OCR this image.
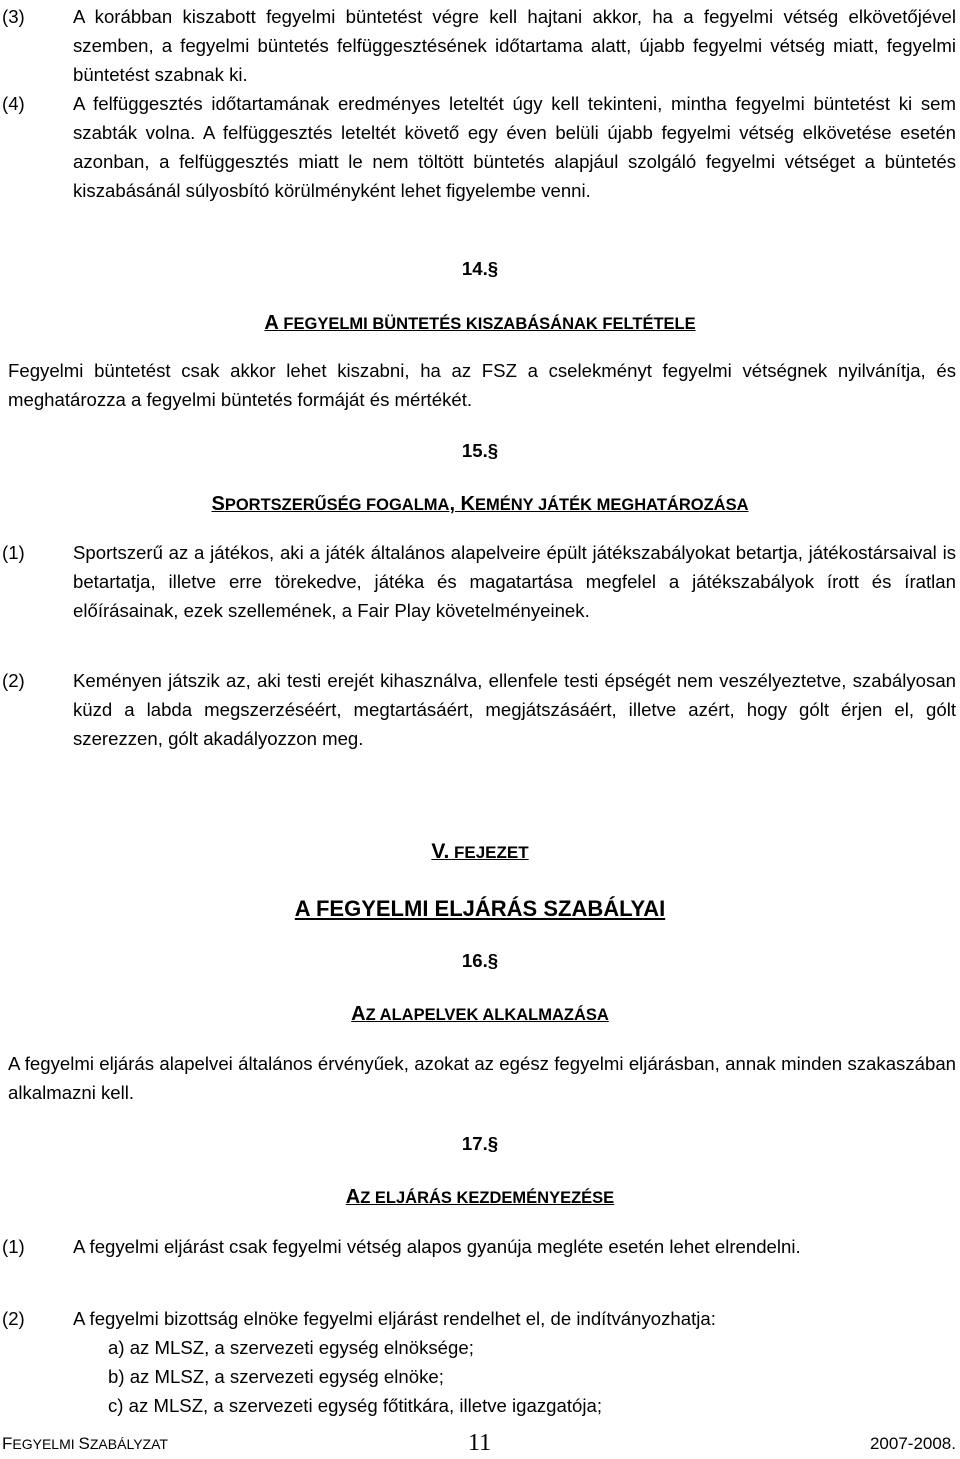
(3)	A korábban kiszabott fegyelmi büntetést végre kell hajtani akkor, ha a fegyelmi vétség elkövetőjével szemben, a fegyelmi büntetés felfüggesztésének időtartama alatt, újabb fegyelmi vétség miatt, fegyelmi büntetést szabnak ki.

(4)	A felfüggesztés időtartamának eredményes leteltét úgy kell tekinteni, mintha fegyelmi büntetést ki sem szabták volna. A felfüggesztés leteltét követő egy éven belüli újabb fegyelmi vétség elkövetése esetén azonban, a felfüggesztés miatt le nem töltött büntetés alapjául szolgáló fegyelmi vétséget a büntetés kiszabásánál súlyosbító körülményként lehet figyelembe venni.

14.§
A FEGYELMI BÜNTETÉS KISZABÁSÁNAK FELTÉTELE

Fegyelmi büntetést csak akkor lehet kiszabni, ha az FSZ a cselekményt fegyelmi vétségnek nyilvánítja, és meghatározza a fegyelmi büntetés formáját és mértékét.

15.§
SPORTSZERŰSÉG FOGALMA, KEMÉNY JÁTÉK MEGHATÁROZÁSA
(1)	Sportszerű az a játékos, aki a játék általános alapelveire épült játékszabályokat betartja, játékostársaival is betartatja, illetve erre törekedve, játéka és magatartása megfelel a játékszabályok írott és íratlan előírásainak, ezek szellemének, a Fair Play követelményeinek.

(2)	Keményen játszik az, aki testi erejét kihasználva, ellenfele testi épségét nem veszélyeztetve, szabályosan küzd a labda megszerzéséért, megtartásáért, megjátszásáért, illetve azért, hogy gólt érjen el, gólt szerezzen, gólt akadályozzon meg.

V. FEJEZET
A FEGYELMI ELJÁRÁS SZABÁLYAI
16.§
AZ ALAPELVEK ALKALMAZÁSA

A fegyelmi eljárás alapelvei általános érvényűek, azokat az egész fegyelmi eljárásban, annak minden szakaszában alkalmazni kell.

17.§
AZ ELJÁRÁS KEZDEMÉNYEZÉSE
(1)	A fegyelmi eljárást csak fegyelmi vétség alapos gyanúja megléte esetén lehet elrendelni.

(2)	A fegyelmi bizottság elnöke fegyelmi eljárást rendelhet el, de indítványozhatja:

a) az MLSZ, a szervezeti egység elnöksége;
b) az MLSZ, a szervezeti egység elnöke;
c) az MLSZ, a szervezeti egység főtitkára, illetve igazgatója;
FEGYELMI SZABÁLYZAT	11	2007-2008.
